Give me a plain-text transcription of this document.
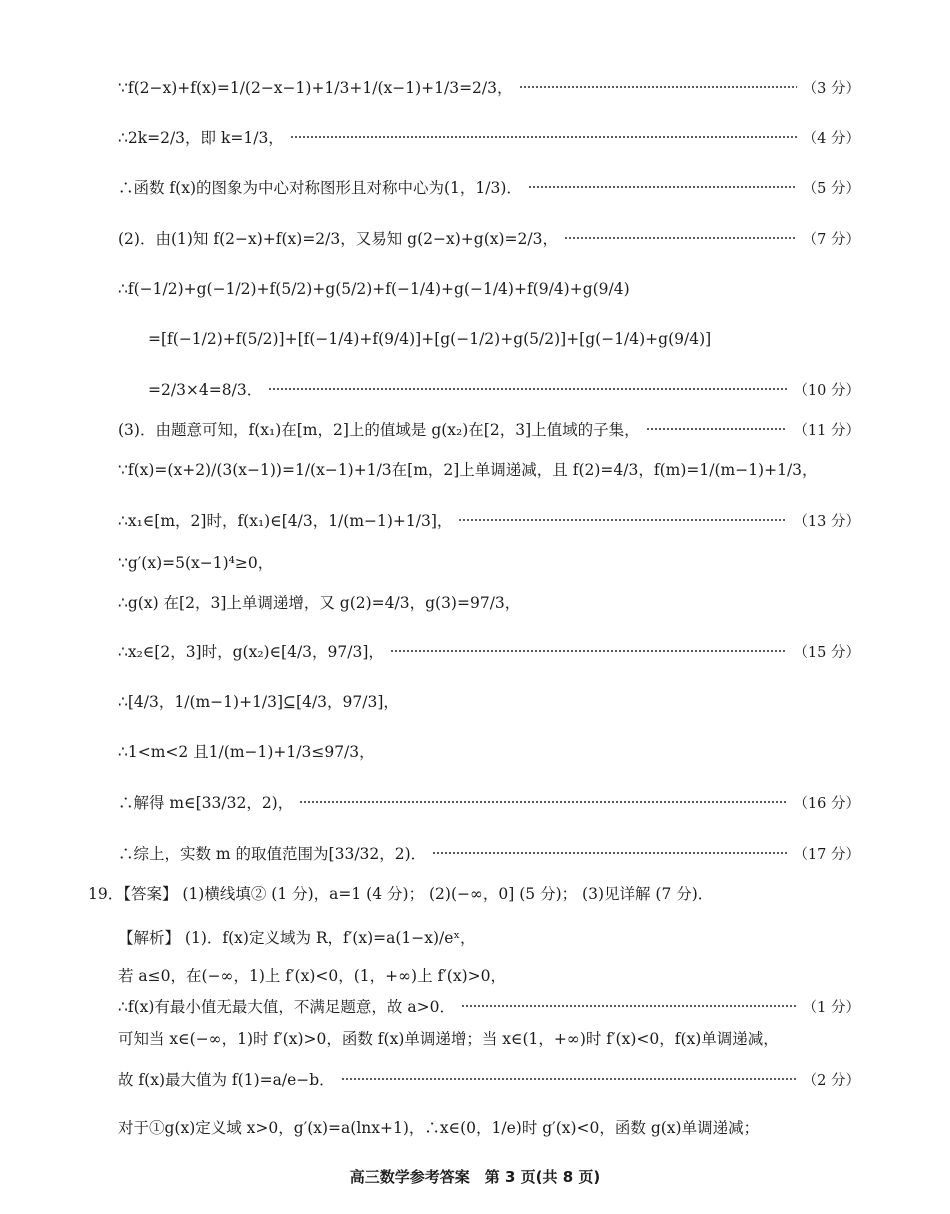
∵f(2−x)+f(x)=1/(2−x−1)+1/3+1/(x−1)+1/3=2/3，	（3 分）
∴2k=2/3，即 k=1/3，	（4 分）
∴函数 f(x)的图象为中心对称图形且对称中心为(1，1/3)．	（5 分）
(2)．由(1)知 f(2−x)+f(x)=2/3，又易知 g(2−x)+g(x)=2/3，	（7 分）
∴f(−1/2)+g(−1/2)+f(5/2)+g(5/2)+f(−1/4)+g(−1/4)+f(9/4)+g(9/4)
=[f(−1/2)+f(5/2)]+[f(−1/4)+f(9/4)]+[g(−1/2)+g(5/2)]+[g(−1/4)+g(9/4)]
=2/3×4=8/3．	（10 分）
(3)．由题意可知，f(x₁)在[m，2]上的值域是 g(x₂)在[2，3]上值域的子集，	（11 分）
∵f(x)=(x+2)/(3(x−1))=1/(x−1)+1/3在[m，2]上单调递减，且 f(2)=4/3，f(m)=1/(m−1)+1/3，
∴x₁∈[m，2]时，f(x₁)∈[4/3，1/(m−1)+1/3]，	（13 分）
∵g′(x)=5(x−1)⁴≥0，
∴g(x) 在[2，3]上单调递增，又 g(2)=4/3，g(3)=97/3，
∴x₂∈[2，3]时，g(x₂)∈[4/3，97/3]，	（15 分）
∴[4/3，1/(m−1)+1/3]⊆[4/3，97/3]，
∴1<m<2 且1/(m−1)+1/3≤97/3，
∴解得 m∈[33/32，2)，	（16 分）
∴综上，实数 m 的取值范围为[33/32，2)．	（17 分）
19．【答案】 (1)横线填② (1 分)，a=1 (4 分)； (2)(−∞，0] (5 分)； (3)见详解 (7 分)．
【解析】 (1)．f(x)定义域为 R，f′(x)=a(1−x)/eˣ，
若 a≤0，在(−∞，1)上 f′(x)<0，(1，+∞)上 f′(x)>0，
∴f(x)有最小值无最大值，不满足题意，故 a>0．	（1 分）
可知当 x∈(−∞，1)时 f′(x)>0，函数 f(x)单调递增；当 x∈(1，+∞)时 f′(x)<0，f(x)单调递减，
故 f(x)最大值为 f(1)=a/e−b．	（2 分）
对于①g(x)定义域 x>0，g′(x)=a(lnx+1)，∴x∈(0，1/e)时 g′(x)<0，函数 g(x)单调递减；
高三数学参考答案　第 3 页(共 8 页)
